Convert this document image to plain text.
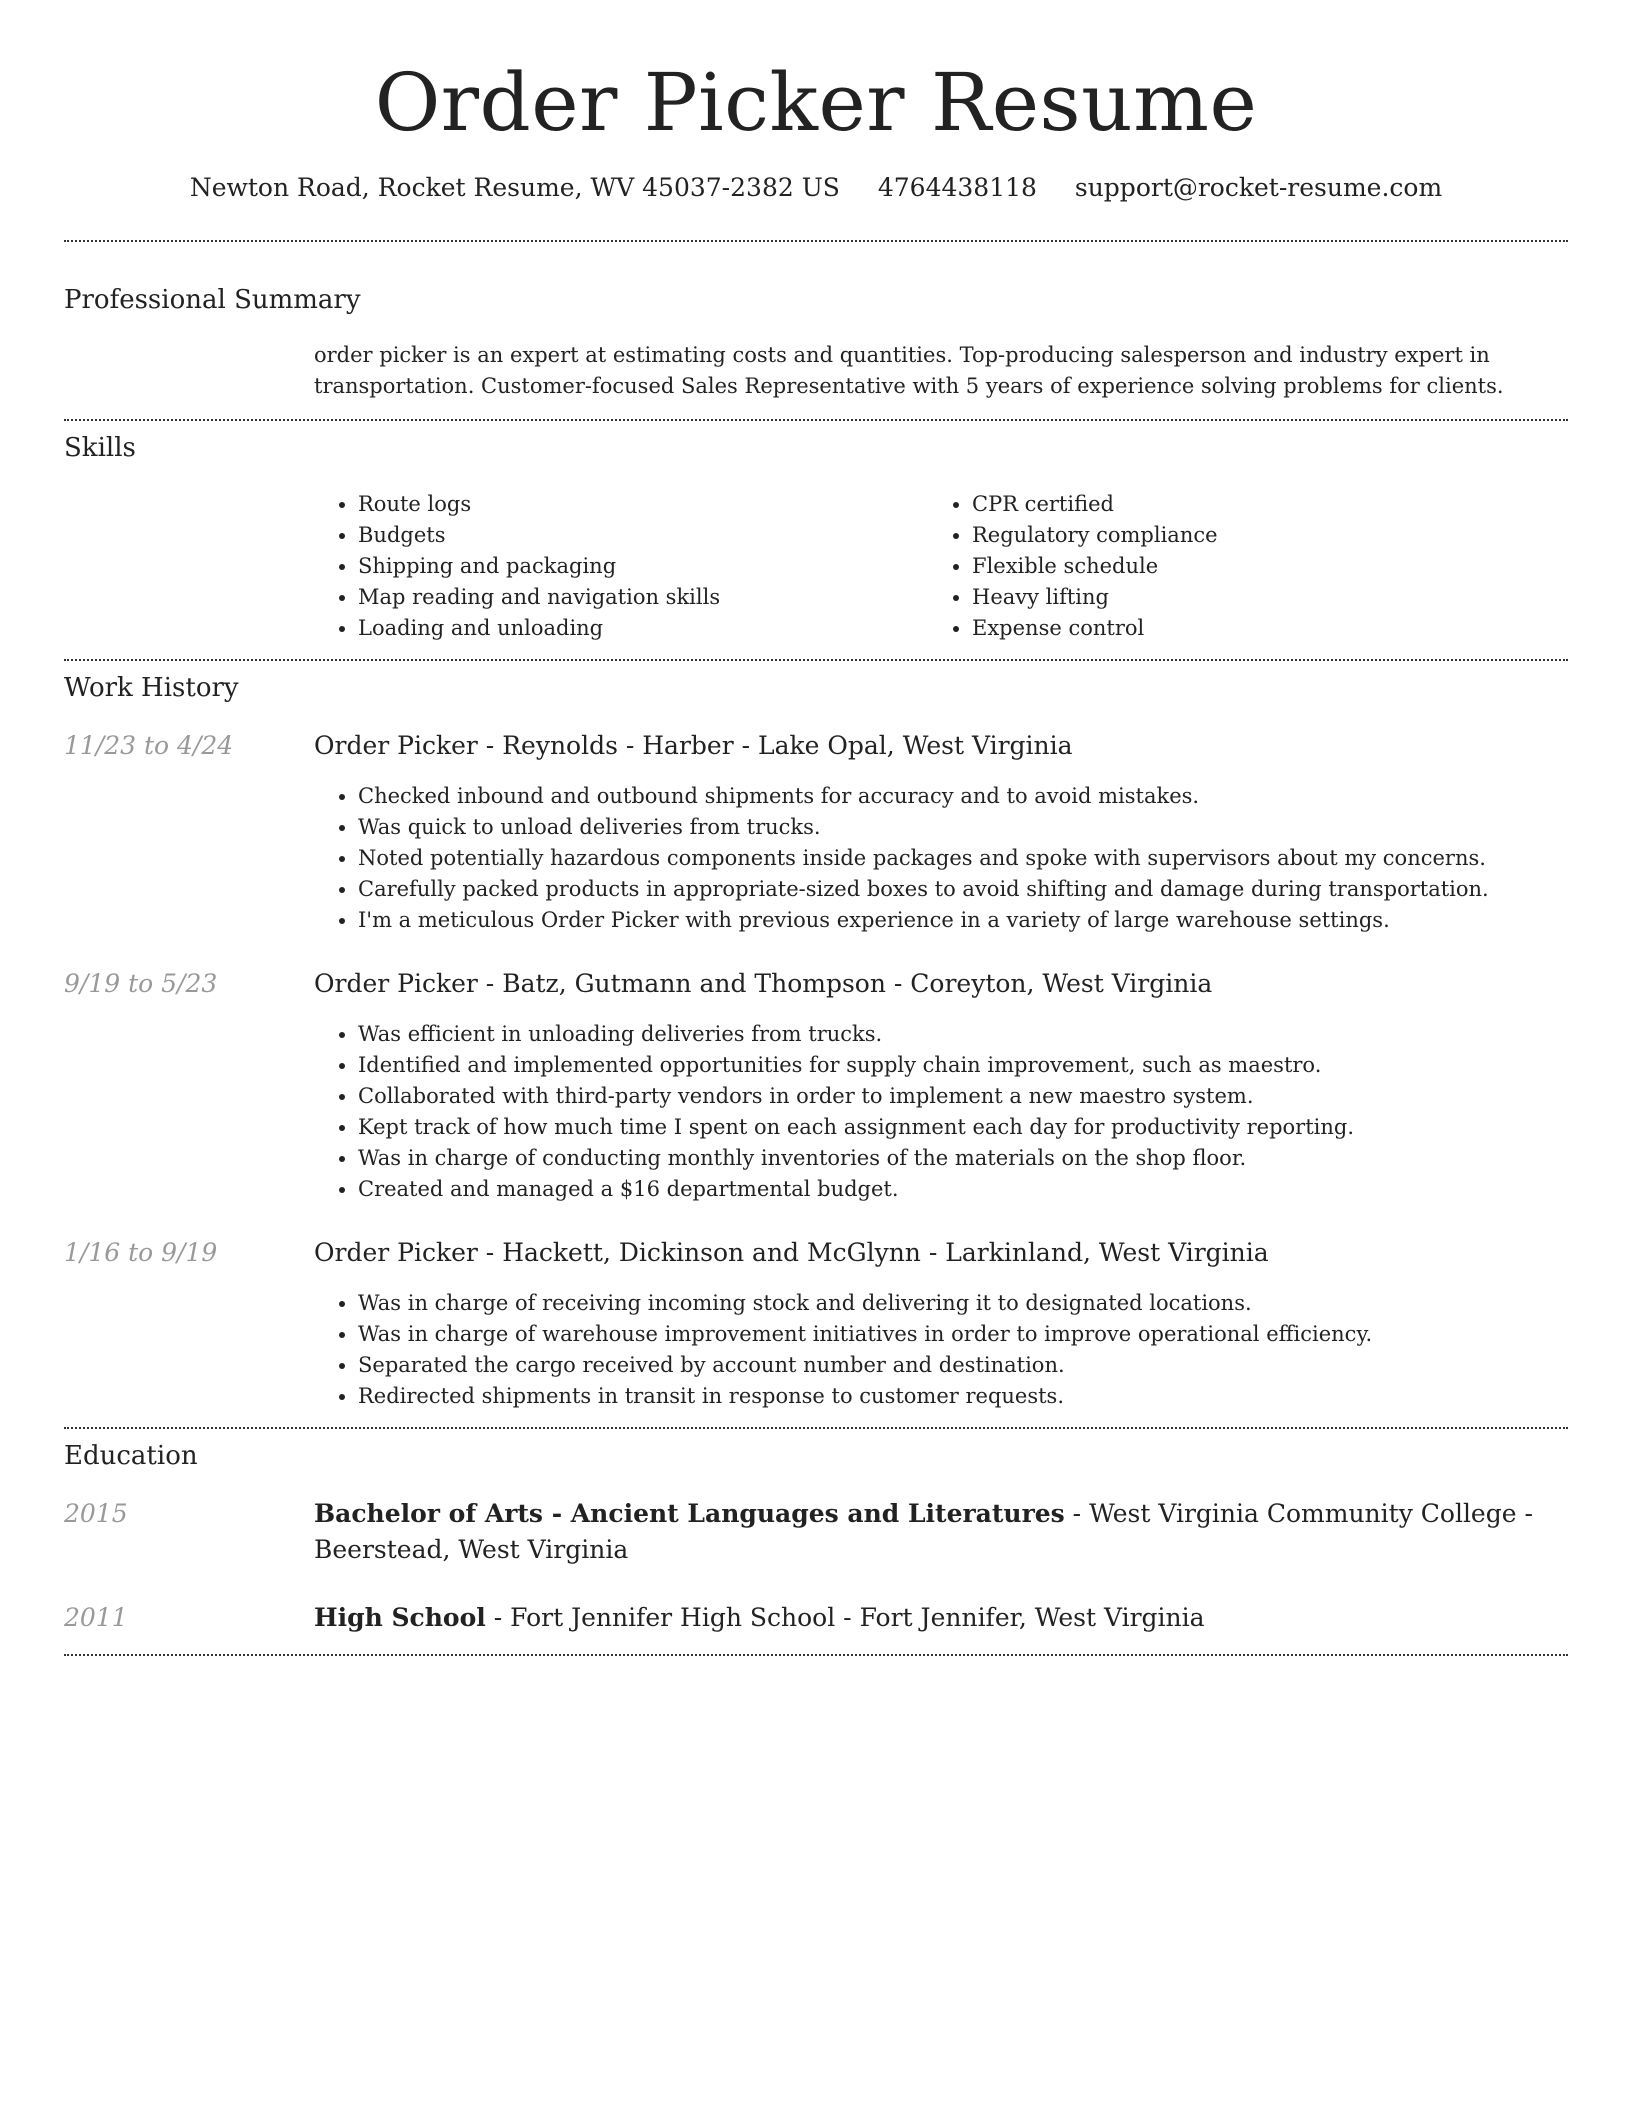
Order Picker Resume
Newton Road, Rocket Resume, WV 45037-2382 US 4764438118 support@rocket-resume.com
Professional Summary
order picker is an expert at estimating costs and quantities. Top-producing salesperson and industry expert in transportation. Customer-focused Sales Representative with 5 years of experience solving problems for clients.
Skills
• Route logs
• Budgets
• Shipping and packaging
• Map reading and navigation skills
• Loading and unloading
• CPR certified
• Regulatory compliance
• Flexible schedule
• Heavy lifting
• Expense control
Work History
11/23 to 4/24	Order Picker - Reynolds - Harber - Lake Opal, West Virginia
• Checked inbound and outbound shipments for accuracy and to avoid mistakes.
• Was quick to unload deliveries from trucks.
• Noted potentially hazardous components inside packages and spoke with supervisors about my concerns.
• Carefully packed products in appropriate-sized boxes to avoid shifting and damage during transportation.
• I'm a meticulous Order Picker with previous experience in a variety of large warehouse settings.
9/19 to 5/23	Order Picker - Batz, Gutmann and Thompson - Coreyton, West Virginia
• Was efficient in unloading deliveries from trucks.
• Identified and implemented opportunities for supply chain improvement, such as maestro.
• Collaborated with third-party vendors in order to implement a new maestro system.
• Kept track of how much time I spent on each assignment each day for productivity reporting.
• Was in charge of conducting monthly inventories of the materials on the shop floor.
• Created and managed a $16 departmental budget.
1/16 to 9/19	Order Picker - Hackett, Dickinson and McGlynn - Larkinland, West Virginia
• Was in charge of receiving incoming stock and delivering it to designated locations.
• Was in charge of warehouse improvement initiatives in order to improve operational efficiency.
• Separated the cargo received by account number and destination.
• Redirected shipments in transit in response to customer requests.
Education
2015	Bachelor of Arts - Ancient Languages and Literatures - West Virginia Community College - Beerstead, West Virginia
2011	High School - Fort Jennifer High School - Fort Jennifer, West Virginia
